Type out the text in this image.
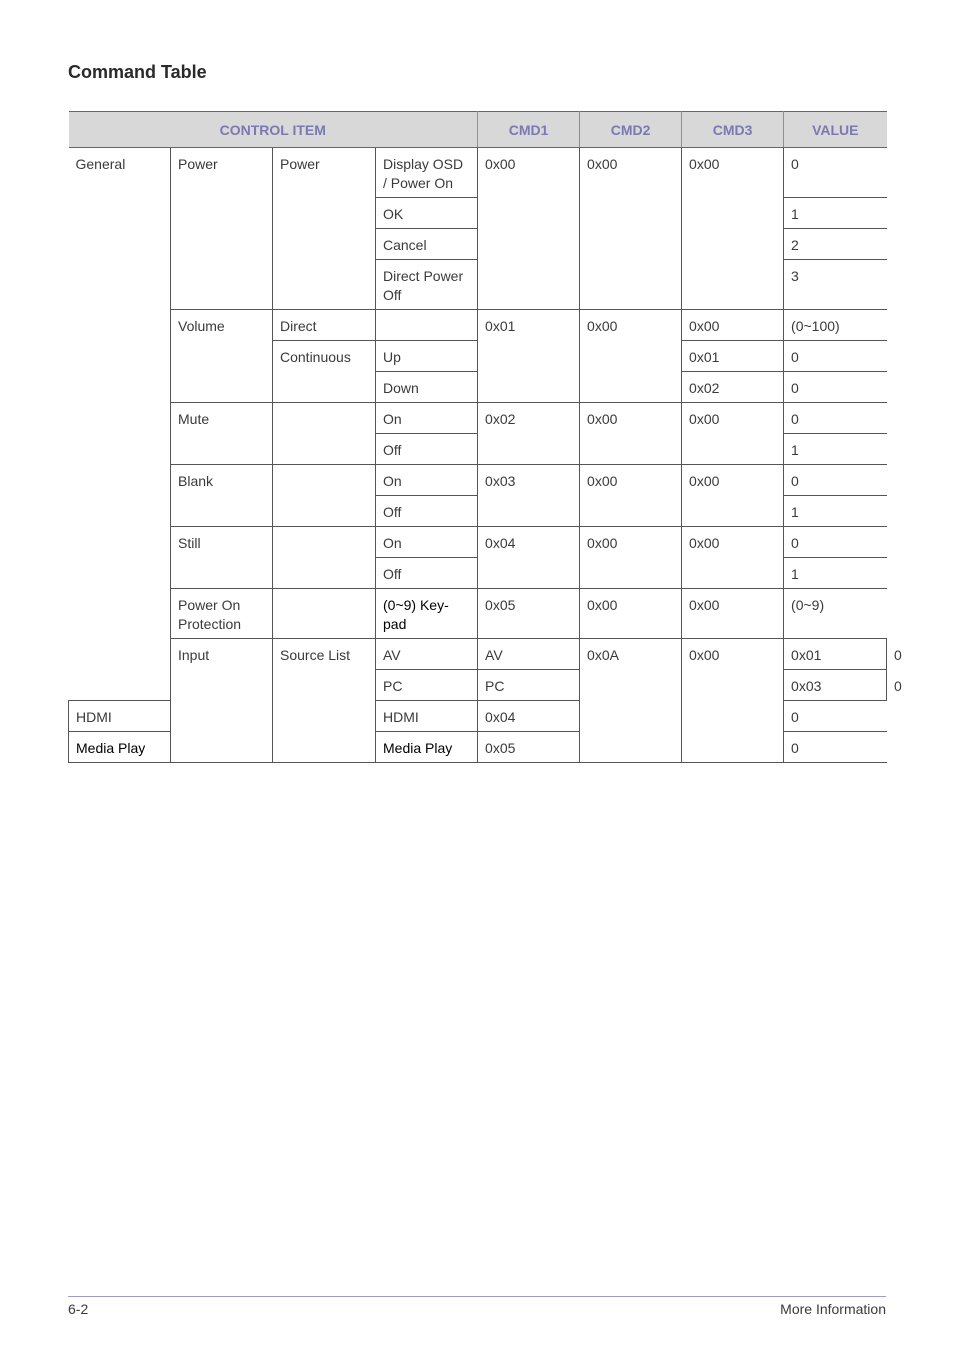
Command Table
CONTROL ITEM				CMD1	CMD2	CMD3	VALUE	
General	Power	Power	Display OSD / Power On	0x00	0x00	0x00	0	
			OK				1	
			Cancel				2	
			Direct Power Off				3	
	Volume	Direct		0x01	0x00	0x00	(0~100)	
		Continuous	Up			0x01	0	
			Down			0x02	0	
	Mute		On	0x02	0x00	0x00	0	
			Off				1	
	Blank		On	0x03	0x00	0x00	0	
			Off				1	
	Still		On	0x04	0x00	0x00	0	
			Off				1	
	Power On Protection		(0~9) Key-pad	0x05	0x00	0x00	(0~9)	
	Input	Source List	AV	AV	0x0A	0x00	0x01	0
			PC	PC			0x03	0
HDMI			HDMI	0x04			0	
Media Play			Media Play	0x05			0	
6-2	More Information
